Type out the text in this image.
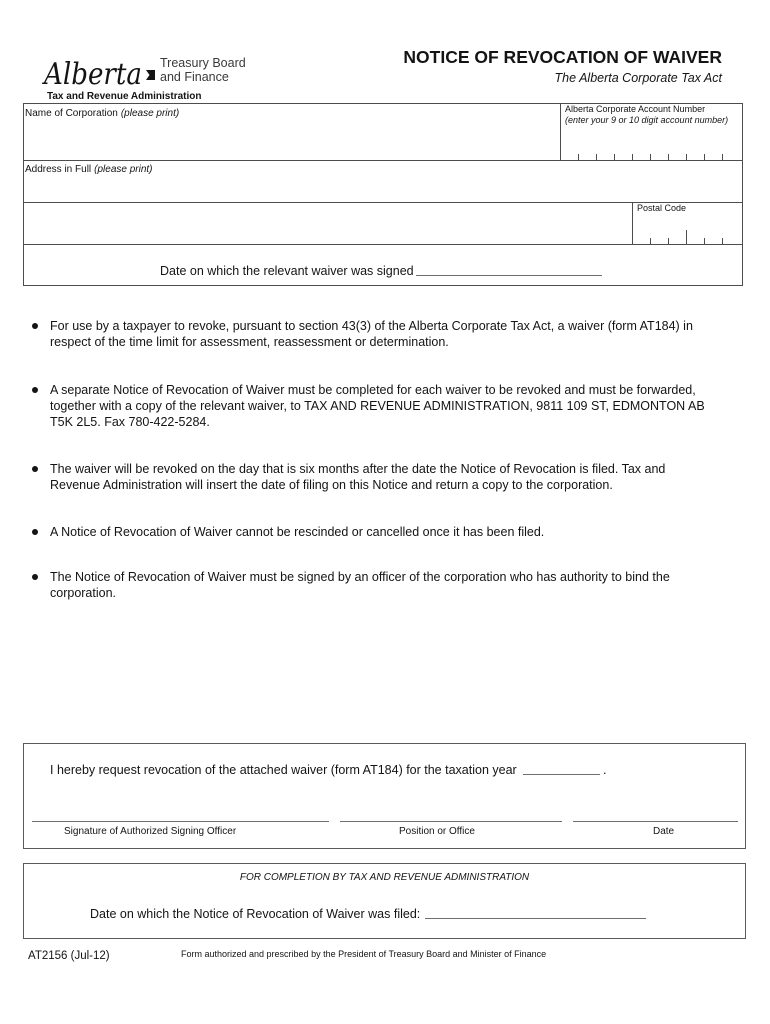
Alberta Treasury Board
and Finance
Tax and Revenue Administration
NOTICE OF REVOCATION OF WAIVER
The Alberta Corporate Tax Act
Name of Corporation (please print)	Alberta Corporate Account Number
(enter your 9 or 10 digit account number)
Address in Full (please print)
Postal Code
Date on which the relevant waiver was signed
For use by a taxpayer to revoke, pursuant to section 43(3) of the Alberta Corporate Tax Act, a waiver (form AT184) in
respect of the time limit for assessment, reassessment or determination.
A separate Notice of Revocation of Waiver must be completed for each waiver to be revoked and must be forwarded,
together with a copy of the relevant waiver, to TAX AND REVENUE ADMINISTRATION, 9811 109 ST, EDMONTON AB
T5K 2L5. Fax 780-422-5284.
The waiver will be revoked on the day that is six months after the date the Notice of Revocation is filed. Tax and
Revenue Administration will insert the date of filing on this Notice and return a copy to the corporation.
A Notice of Revocation of Waiver cannot be rescinded or cancelled once it has been filed.
The Notice of Revocation of Waiver must be signed by an officer of the corporation who has authority to bind the
corporation.
I hereby request revocation of the attached waiver (form AT184) for the taxation year	.
Signature of Authorized Signing Officer	Position or Office	Date
FOR COMPLETION BY TAX AND REVENUE ADMINISTRATION
Date on which the Notice of Revocation of Waiver was filed:
AT2156 (Jul-12)	Form authorized and prescribed by the President of Treasury Board and Minister of Finance
